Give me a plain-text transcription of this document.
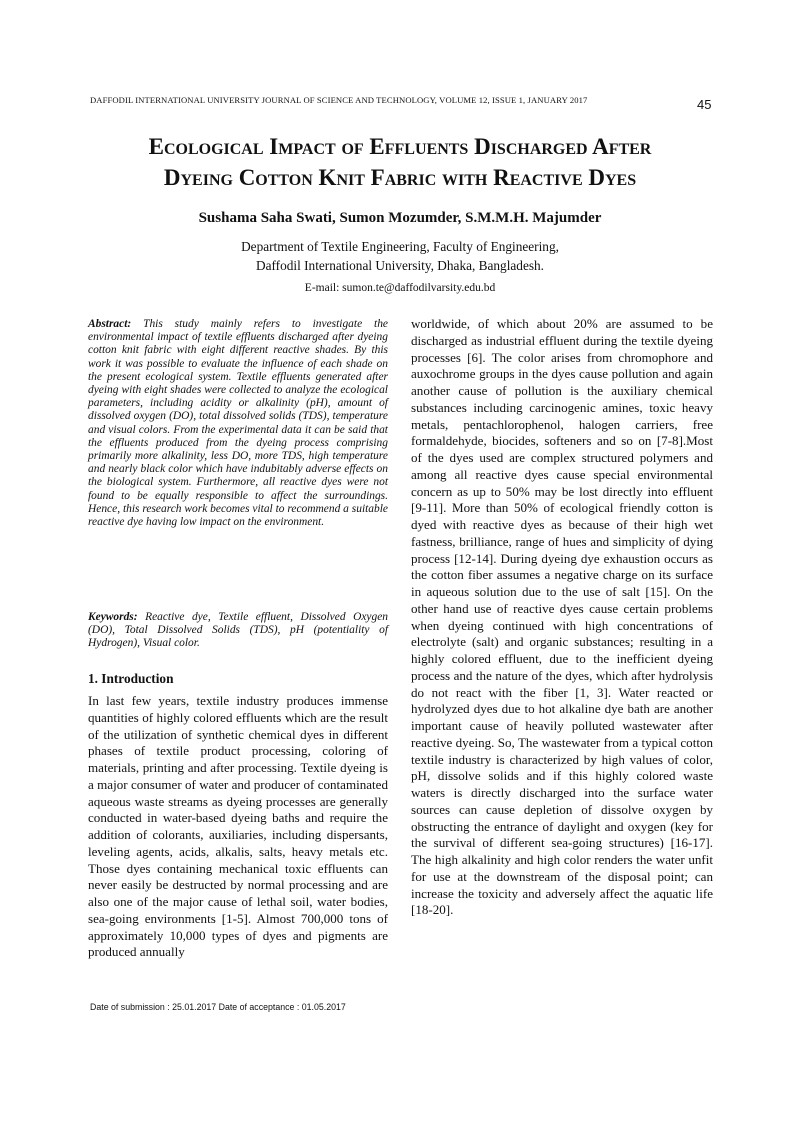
DAFFODIL INTERNATIONAL UNIVERSITY JOURNAL OF SCIENCE AND TECHNOLOGY, VOLUME 12, ISSUE 1, JANUARY 2017	45
Ecological Impact of Effluents Discharged After
Dyeing Cotton Knit Fabric with Reactive Dyes
Sushama Saha Swati, Sumon Mozumder, S.M.M.H. Majumder
Department of Textile Engineering, Faculty of Engineering,
Daffodil International University, Dhaka, Bangladesh.
E-mail: sumon.te@daffodilvarsity.edu.bd

Abstract: This study mainly refers to investigate the environmental impact of textile effluents discharged after dyeing cotton knit fabric with eight different reactive shades. By this work it was possible to evaluate the influence of each shade on the present ecological system. Textile effluents generated after dyeing with eight shades were collected to analyze the ecological parameters, including acidity or alkalinity (pH), amount of dissolved oxygen (DO), total dissolved solids (TDS), temperature and visual colors. From the experimental data it can be said that the effluents produced from the dyeing process comprising primarily more alkalinity, less DO, more TDS, high temperature and nearly black color which have indubitably adverse effects on the biological system. Furthermore, all reactive dyes were not found to be equally responsible to affect the surroundings. Hence, this research work becomes vital to recommend a suitable reactive dye having low impact on the environment.

Keywords: Reactive dye, Textile effluent, Dissolved Oxygen (DO), Total Dissolved Solids (TDS), pH (potentiality of Hydrogen), Visual color.

1. Introduction

In last few years, textile industry produces immense quantities of highly colored effluents which are the result of the utilization of synthetic chemical dyes in different phases of textile product processing, coloring of materials, printing and after processing. Textile dyeing is a major consumer of water and producer of contaminated aqueous waste streams as dyeing processes are generally conducted in water-based dyeing baths and require the addition of colorants, auxiliaries, including dispersants, leveling agents, acids, alkalis, salts, heavy metals etc. Those dyes containing mechanical toxic effluents can never easily be destructed by normal processing and are also one of the major cause of lethal soil, water bodies, sea-going environments [1-5]. Almost 700,000 tons of approximately 10,000 types of dyes and pigments are produced annually

worldwide, of which about 20% are assumed to be discharged as industrial effluent during the textile dyeing processes [6]. The color arises from chromophore and auxochrome groups in the dyes cause pollution and again another cause of pollution is the auxiliary chemical substances including carcinogenic amines, toxic heavy metals, pentachlorophenol, halogen carriers, free formaldehyde, biocides, softeners and so on [7-8].Most of the dyes used are complex structured polymers and among all reactive dyes cause special environmental concern as up to 50% may be lost directly into effluent [9-11]. More than 50% of ecological friendly cotton is dyed with reactive dyes as because of their high wet fastness, brilliance, range of hues and simplicity of dying process [12-14]. During dyeing dye exhaustion occurs as the cotton fiber assumes a negative charge on its surface in aqueous solution due to the use of salt [15]. On the other hand use of reactive dyes cause certain problems when dyeing continued with high concentrations of electrolyte (salt) and organic substances; resulting in a highly colored effluent, due to the inefficient dyeing process and the nature of the dyes, which after hydrolysis do not react with the fiber [1, 3]. Water reacted or hydrolyzed dyes due to hot alkaline dye bath are another important cause of heavily polluted wastewater after reactive dyeing. So, The wastewater from a typical cotton textile industry is characterized by high values of color, pH, dissolve solids and if this highly colored waste waters is directly discharged into the surface water sources can cause depletion of dissolve oxygen by obstructing the entrance of daylight and oxygen (key for the survival of different sea-going structures) [16-17]. The high alkalinity and high color renders the water unfit for use at the downstream of the disposal point; can increase the toxicity and adversely affect the aquatic life [18-20].

Date of submission : 25.01.2017 Date of acceptance : 01.05.2017
